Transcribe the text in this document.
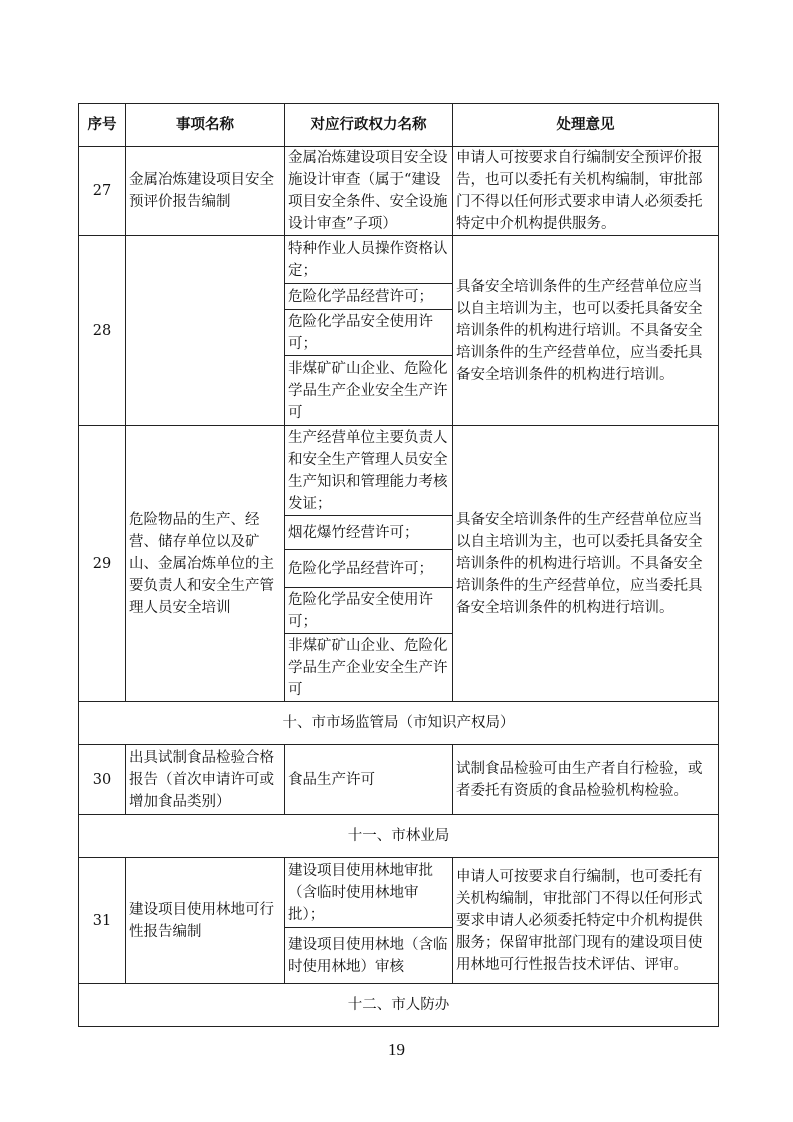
序号	事项名称	对应行政权力名称	处理意见
27	金属冶炼建设项目安全预评价报告编制	金属冶炼建设项目安全设施设计审查（属于“建设项目安全条件、安全设施设计审查”子项）	申请人可按要求自行编制安全预评价报告，也可以委托有关机构编制，审批部门不得以任何形式要求申请人必须委托特定中介机构提供服务。
28		特种作业人员操作资格认定；	具备安全培训条件的生产经营单位应当以自主培训为主，也可以委托具备安全培训条件的机构进行培训。不具备安全培训条件的生产经营单位，应当委托具备安全培训条件的机构进行培训。
		危险化学品经营许可；	
		危险化学品安全使用许可；	
		非煤矿矿山企业、危险化学品生产企业安全生产许可	
29	危险物品的生产、经营、储存单位以及矿山、金属冶炼单位的主要负责人和安全生产管理人员安全培训	生产经营单位主要负责人和安全生产管理人员安全生产知识和管理能力考核发证；	具备安全培训条件的生产经营单位应当以自主培训为主，也可以委托具备安全培训条件的机构进行培训。不具备安全培训条件的生产经营单位，应当委托具备安全培训条件的机构进行培训。
		烟花爆竹经营许可；	
		危险化学品经营许可；	
		危险化学品安全使用许可；	
		非煤矿矿山企业、危险化学品生产企业安全生产许可	
十、市市场监管局（市知识产权局）			
30	出具试制食品检验合格报告（首次申请许可或增加食品类别）	食品生产许可	试制食品检验可由生产者自行检验，或者委托有资质的食品检验机构检验。
十一、市林业局			
31	建设项目使用林地可行性报告编制	建设项目使用林地审批（含临时使用林地审批）；	申请人可按要求自行编制，也可委托有关机构编制，审批部门不得以任何形式要求申请人必须委托特定中介机构提供服务；保留审批部门现有的建设项目使用林地可行性报告技术评估、评审。
		建设项目使用林地（含临时使用林地）审核	
十二、市人防办			
19
